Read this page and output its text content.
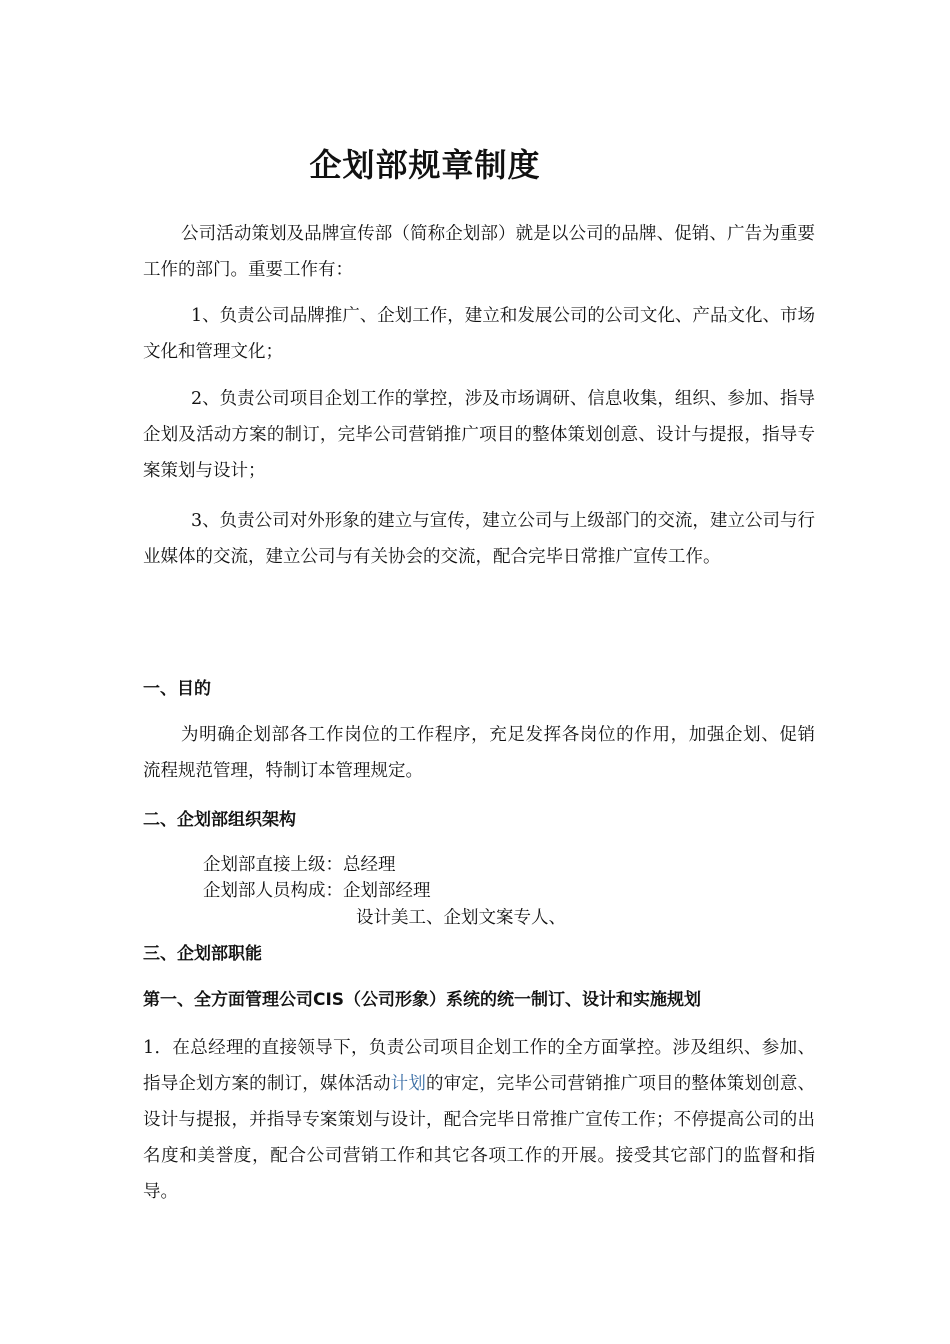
企划部规章制度

公司活动策划及品牌宣传部（简称企划部）就是以公司的品牌、促销、广告为重要工作的部门。重要工作有：

1、负责公司品牌推广、企划工作，建立和发展公司的公司文化、产品文化、市场文化和管理文化；

2、负责公司项目企划工作的掌控，涉及市场调研、信息收集，组织、参加、指导企划及活动方案的制订，完毕公司营销推广项目的整体策划创意、设计与提报，指导专案策划与设计；

3、负责公司对外形象的建立与宣传，建立公司与上级部门的交流，建立公司与行业媒体的交流，建立公司与有关协会的交流，配合完毕日常推广宣传工作。

一、目的

为明确企划部各工作岗位的工作程序，充足发挥各岗位的作用，加强企划、促销 流程规范管理，特制订本管理规定。

二、企划部组织架构

企划部直接上级：总经理

企划部人员构成：企划部经理

设计美工、企划文案专人、

三、企划部职能
第一、全方面管理公司CIS（公司形象）系统的统一制订、设计和实施规划

1．在总经理的直接领导下，负责公司项目企划工作的全方面掌控。涉及组织、参加、指导企划方案的制订，媒体活动计划的审定，完毕公司营销推广项目的整体策划创意、设计与提报，并指导专案策划与设计，配合完毕日常推广宣传工作；不停提高公司的出名度和美誉度，配合公司营销工作和其它各项工作的开展。接受其它部门的监督和指导。
